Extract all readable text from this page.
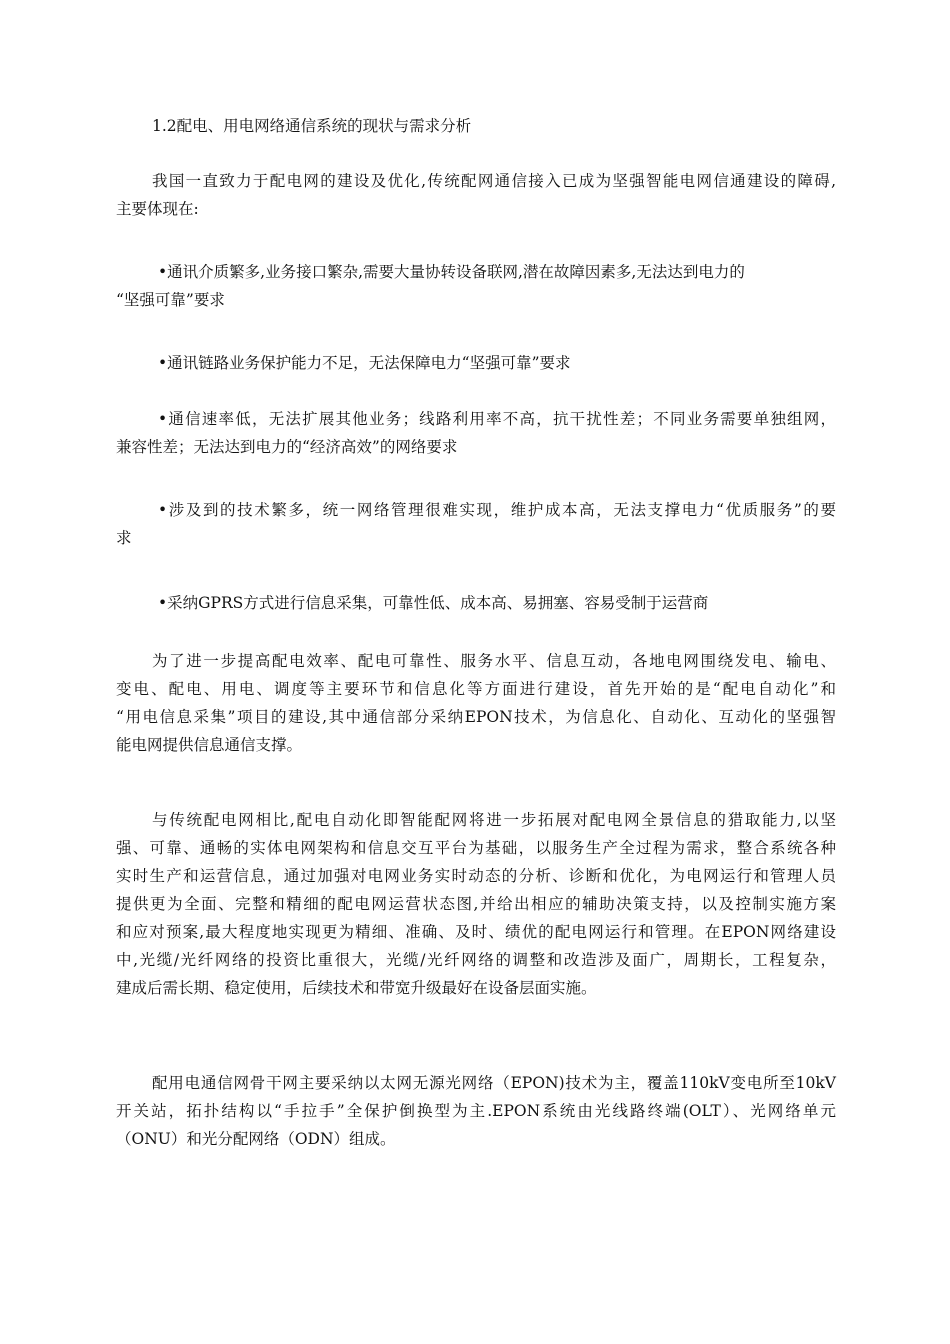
1.2配电、用电网络通信系统的现状与需求分析
我国一直致力于配电网的建设及优化,传统配网通信接入已成为坚强智能电网信通建设的障碍,
主要体现在:
•通讯介质繁多,业务接口繁杂,需要大量协转设备联网,潜在故障因素多,无法达到电力的
“坚强可靠”要求
•通讯链路业务保护能力不足，无法保障电力“坚强可靠”要求
•通信速率低，无法扩展其他业务；线路利用率不高，抗干扰性差；不同业务需要单独组网，
兼容性差；无法达到电力的“经济高效”的网络要求
•涉及到的技术繁多，统一网络管理很难实现，维护成本高，无法支撑电力“优质服务”的要
求
•采纳GPRS方式进行信息采集，可靠性低、成本高、易拥塞、容易受制于运营商
为了进一步提高配电效率、配电可靠性、服务水平、信息互动，各地电网围绕发电、输电、
变电、配电、用电、调度等主要环节和信息化等方面进行建设，首先开始的是“配电自动化”和
“用电信息采集”项目的建设,其中通信部分采纳EPON技术，为信息化、自动化、互动化的坚强智
能电网提供信息通信支撑。
与传统配电网相比,配电自动化即智能配网将进一步拓展对配电网全景信息的猎取能力,以坚
强、可靠、通畅的实体电网架构和信息交互平台为基础，以服务生产全过程为需求，整合系统各种
实时生产和运营信息，通过加强对电网业务实时动态的分析、诊断和优化，为电网运行和管理人员
提供更为全面、完整和精细的配电网运营状态图,并给出相应的辅助决策支持，以及控制实施方案
和应对预案,最大程度地实现更为精细、准确、及时、绩优的配电网运行和管理。在EPON网络建设
中,光缆/光纤网络的投资比重很大，光缆/光纤网络的调整和改造涉及面广，周期长，工程复杂，
建成后需长期、稳定使用，后续技术和带宽升级最好在设备层面实施。
配用电通信网骨干网主要采纳以太网无源光网络（EPON)技术为主，覆盖110kV变电所至10kV
开关站，拓扑结构以“手拉手”全保护倒换型为主.EPON系统由光线路终端(OLT）、光网络单元
（ONU）和光分配网络（ODN）组成。
